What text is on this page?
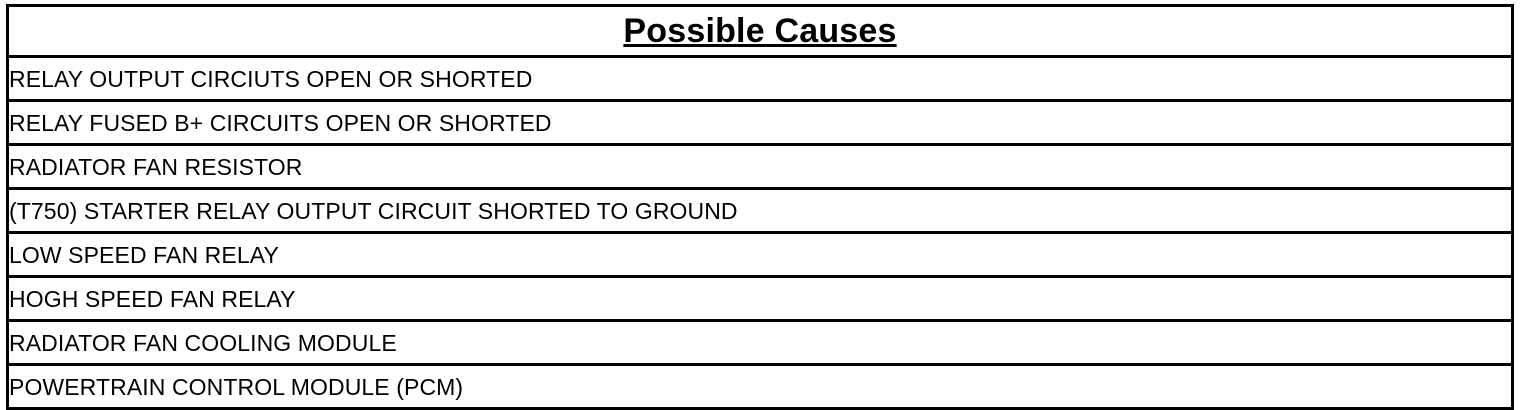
Possible Causes
RELAY OUTPUT CIRCIUTS OPEN OR SHORTED
RELAY FUSED B+ CIRCUITS OPEN OR SHORTED
RADIATOR FAN RESISTOR
(T750) STARTER RELAY OUTPUT CIRCUIT SHORTED TO GROUND
LOW SPEED FAN RELAY
HOGH SPEED FAN RELAY
RADIATOR FAN COOLING MODULE
POWERTRAIN CONTROL MODULE (PCM)
